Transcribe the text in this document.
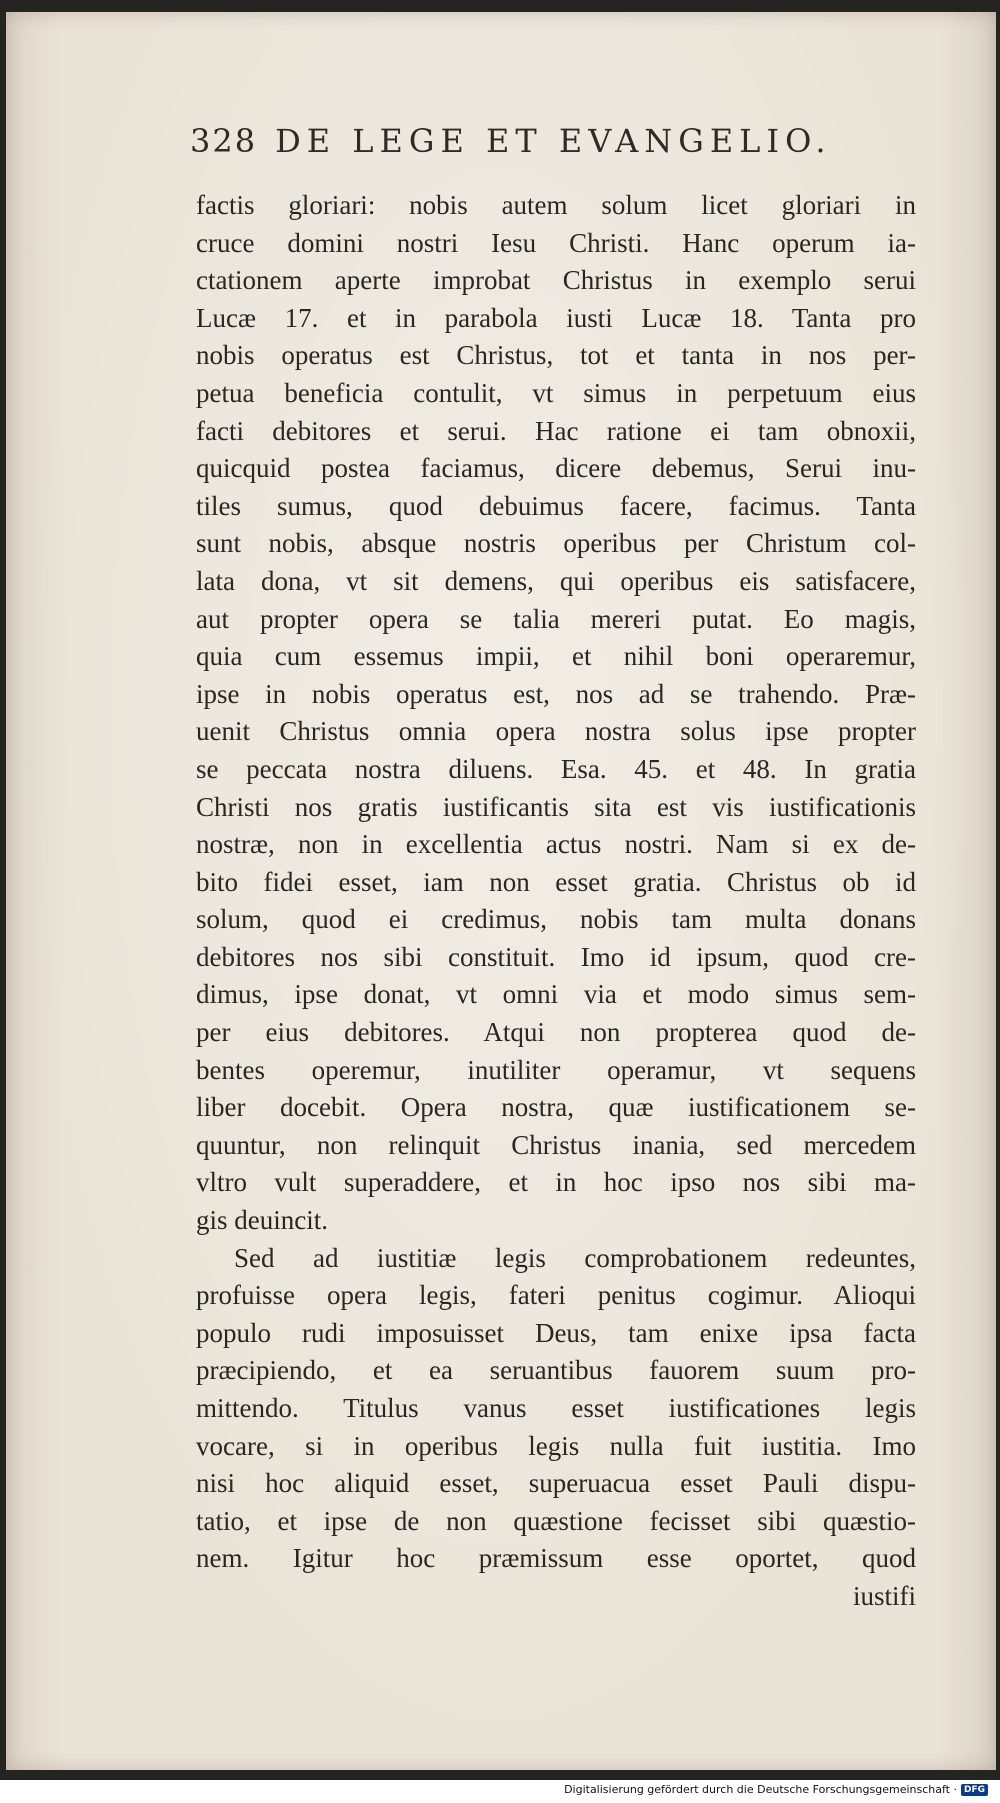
328 DE LEGE ET EVANGELIO.
factis gloriari: nobis autem solum licet gloriari in
cruce domini nostri Iesu Christi. Hanc operum ia-
ctationem aperte improbat Christus in exemplo serui
Lucæ 17. et in parabola iusti Lucæ 18. Tanta pro
nobis operatus est Christus, tot et tanta in nos per-
petua beneficia contulit, vt simus in perpetuum eius
facti debitores et serui. Hac ratione ei tam obnoxii,
quicquid postea faciamus, dicere debemus, Serui inu-
tiles sumus, quod debuimus facere, facimus. Tanta
sunt nobis, absque nostris operibus per Christum col-
lata dona, vt sit demens, qui operibus eis satisfacere,
aut propter opera se talia mereri putat. Eo magis,
quia cum essemus impii, et nihil boni operaremur,
ipse in nobis operatus est, nos ad se trahendo. Præ-
uenit Christus omnia opera nostra solus ipse propter
se peccata nostra diluens. Esa. 45. et 48. In gratia
Christi nos gratis iustificantis sita est vis iustificationis
nostræ, non in excellentia actus nostri. Nam si ex de-
bito fidei esset, iam non esset gratia. Christus ob id
solum, quod ei credimus, nobis tam multa donans
debitores nos sibi constituit. Imo id ipsum, quod cre-
dimus, ipse donat, vt omni via et modo simus sem-
per eius debitores. Atqui non propterea quod de-
bentes operemur, inutiliter operamur, vt sequens
liber docebit. Opera nostra, quæ iustificationem se-
quuntur, non relinquit Christus inania, sed mercedem
vltro vult superaddere, et in hoc ipso nos sibi ma-
gis deuincit.
Sed ad iustitiæ legis comprobationem redeuntes,
profuisse opera legis, fateri penitus cogimur. Alioqui
populo rudi imposuisset Deus, tam enixe ipsa facta
præcipiendo, et ea seruantibus fauorem suum pro-
mittendo. Titulus vanus esset iustificationes legis
vocare, si in operibus legis nulla fuit iustitia. Imo
nisi hoc aliquid esset, superuacua esset Pauli dispu-
tatio, et ipse de non quæstione fecisset sibi quæstio-
nem. Igitur hoc præmissum esse oportet, quod
iustifi
Digitalisierung gefördert durch die Deutsche Forschungsgemeinschaft · DFG
